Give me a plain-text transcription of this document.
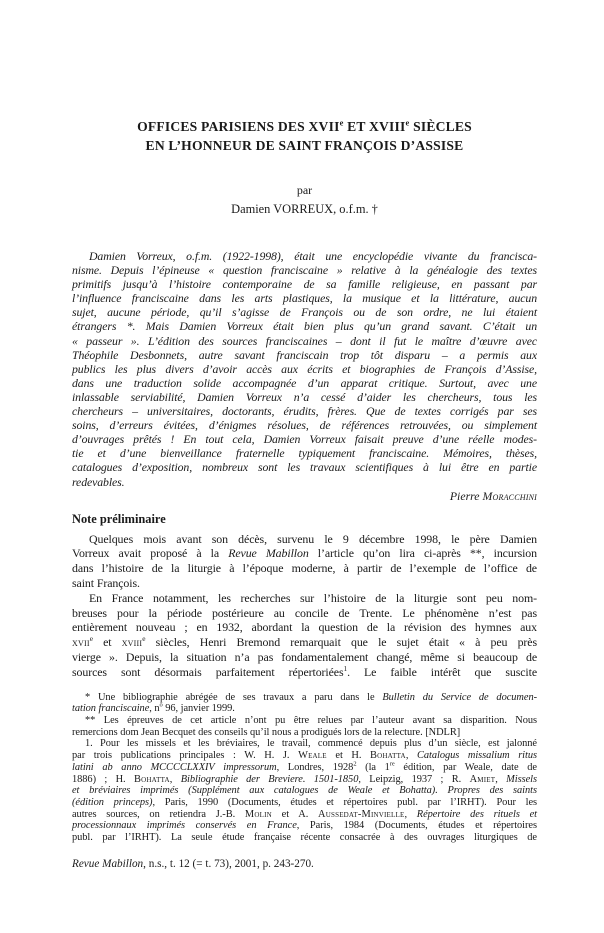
OFFICES PARISIENS DES XVIIe ET XVIIIe SIÈCLES
EN L’HONNEUR DE SAINT FRANÇOIS D’ASSISE
par
Damien VORREUX, o.f.m. †
Damien Vorreux, o.f.m. (1922-1998), était une encyclopédie vivante du francisca-
nisme. Depuis l’épineuse « question franciscaine » relative à la généalogie des textes
primitifs jusqu’à l’histoire contemporaine de sa famille religieuse, en passant par
l’influence franciscaine dans les arts plastiques, la musique et la littérature, aucun
sujet, aucune période, qu’il s’agisse de François ou de son ordre, ne lui étaient
étrangers *. Mais Damien Vorreux était bien plus qu’un grand savant. C’était un
« passeur ». L’édition des sources franciscaines – dont il fut le maître d’œuvre avec
Théophile Desbonnets, autre savant franciscain trop tôt disparu – a permis aux
publics les plus divers d’avoir accès aux écrits et biographies de François d’Assise,
dans une traduction solide accompagnée d’un apparat critique. Surtout, avec une
inlassable serviabilité, Damien Vorreux n’a cessé d’aider les chercheurs, tous les
chercheurs – universitaires, doctorants, érudits, frères. Que de textes corrigés par ses
soins, d’erreurs évitées, d’énigmes résolues, de références retrouvées, ou simplement
d’ouvrages prêtés ! En tout cela, Damien Vorreux faisait preuve d’une réelle modes-
tie et d’une bienveillance fraternelle typiquement franciscaine. Mémoires, thèses,
catalogues d’exposition, nombreux sont les travaux scientifiques à lui être en partie
redevables.
Pierre Moracchini
Note préliminaire
Quelques mois avant son décès, survenu le 9 décembre 1998, le père Damien
Vorreux avait proposé à la Revue Mabillon l’article qu’on lira ci-après **, incursion
dans l’histoire de la liturgie à l’époque moderne, à partir de l’exemple de l’office de
saint François.
En France notamment, les recherches sur l’histoire de la liturgie sont peu nom-
breuses pour la période postérieure au concile de Trente. Le phénomène n’est pas
entièrement nouveau ; en 1932, abordant la question de la révision des hymnes aux
xvii$^e$ et xviii$^e$ siècles, Henri Bremond remarquait que le sujet était « à peu près
vierge ». Depuis, la situation n’a pas fondamentalement changé, même si beaucoup de
sources sont désormais parfaitement répertoriées$^1$. Le faible intérêt que suscite
* Une bibliographie abrégée de ses travaux a paru dans le Bulletin du Service de documen-
tation franciscaine, $n^o$ 96, janvier 1999.
** Les épreuves de cet article n’ont pu être relues par l’auteur avant sa disparition. Nous
remercions dom Jean Becquet des conseils qu’il nous a prodigués lors de la relecture. [NDLR]
1. Pour les missels et les bréviaires, le travail, commencé depuis plus d’un siècle, est jalonné
par trois publications principales : W. H. J. Weale et H. Bohatta, Catalogus missalium ritus
latini ab anno MCCCCLXXIV impressorum, Londres, 1928$^2$ (la 1re édition, par Weale, date de
1886) ; H. Bohatta, Bibliographie der Breviere. 1501-1850, Leipzig, 1937 ; R. Amiet, Missels
et bréviaires imprimés (Supplément aux catalogues de Weale et Bohatta). Propres des saints
(édition princeps), Paris, 1990 (Documents, études et répertoires publ. par l’IRHT). Pour les
autres sources, on retiendra J.-B. Molin et A. Aussedat-Minvielle, Répertoire des rituels et
processionnaux imprimés conservés en France, Paris, 1984 (Documents, études et répertoires
publ. par l’IRHT). La seule étude française récente consacrée à des ouvrages liturgiques de
Revue Mabillon, n.s., t. 12 (= t. 73), 2001, p. 243-270.
